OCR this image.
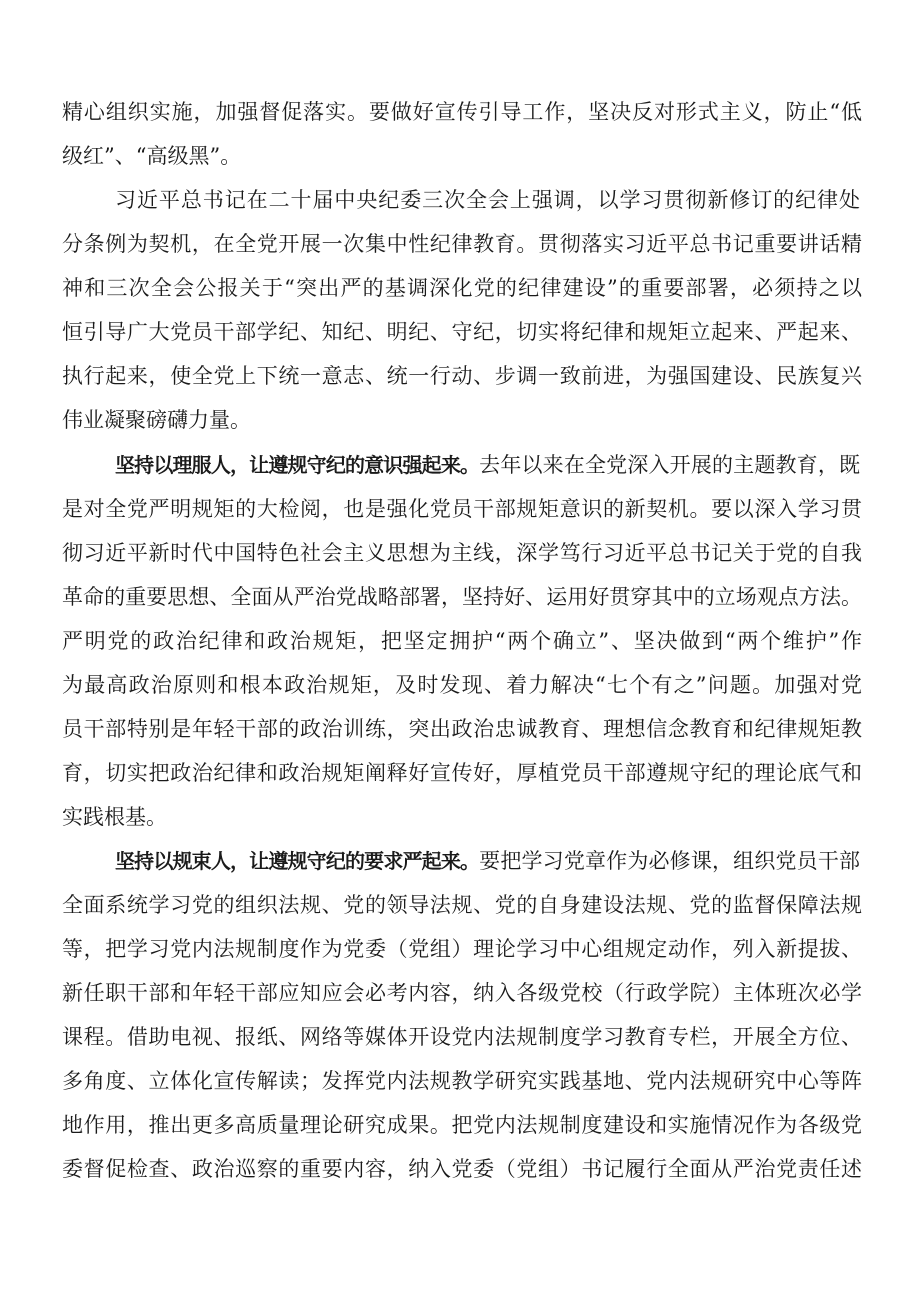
精心组织实施，加强督促落实。要做好宣传引导工作，坚决反对形式主义，防止“低
级红”、“高级黑”。
习近平总书记在二十届中央纪委三次全会上强调，以学习贯彻新修订的纪律处
分条例为契机，在全党开展一次集中性纪律教育。贯彻落实习近平总书记重要讲话精
神和三次全会公报关于“突出严的基调深化党的纪律建设”的重要部署，必须持之以
恒引导广大党员干部学纪、知纪、明纪、守纪，切实将纪律和规矩立起来、严起来、
执行起来，使全党上下统一意志、统一行动、步调一致前进，为强国建设、民族复兴
伟业凝聚磅礴力量。
坚持以理服人，让遵规守纪的意识强起来。去年以来在全党深入开展的主题教育，既
是对全党严明规矩的大检阅，也是强化党员干部规矩意识的新契机。要以深入学习贯
彻习近平新时代中国特色社会主义思想为主线，深学笃行习近平总书记关于党的自我
革命的重要思想、全面从严治党战略部署，坚持好、运用好贯穿其中的立场观点方法。
严明党的政治纪律和政治规矩，把坚定拥护“两个确立”、坚决做到“两个维护”作
为最高政治原则和根本政治规矩，及时发现、着力解决“七个有之”问题。加强对党
员干部特别是年轻干部的政治训练，突出政治忠诚教育、理想信念教育和纪律规矩教
育，切实把政治纪律和政治规矩阐释好宣传好，厚植党员干部遵规守纪的理论底气和
实践根基。
坚持以规束人，让遵规守纪的要求严起来。要把学习党章作为必修课，组织党员干部
全面系统学习党的组织法规、党的领导法规、党的自身建设法规、党的监督保障法规
等，把学习党内法规制度作为党委（党组）理论学习中心组规定动作，列入新提拔、
新任职干部和年轻干部应知应会必考内容，纳入各级党校（行政学院）主体班次必学
课程。借助电视、报纸、网络等媒体开设党内法规制度学习教育专栏，开展全方位、
多角度、立体化宣传解读；发挥党内法规教学研究实践基地、党内法规研究中心等阵
地作用，推出更多高质量理论研究成果。把党内法规制度建设和实施情况作为各级党
委督促检查、政治巡察的重要内容，纳入党委（党组）书记履行全面从严治党责任述
